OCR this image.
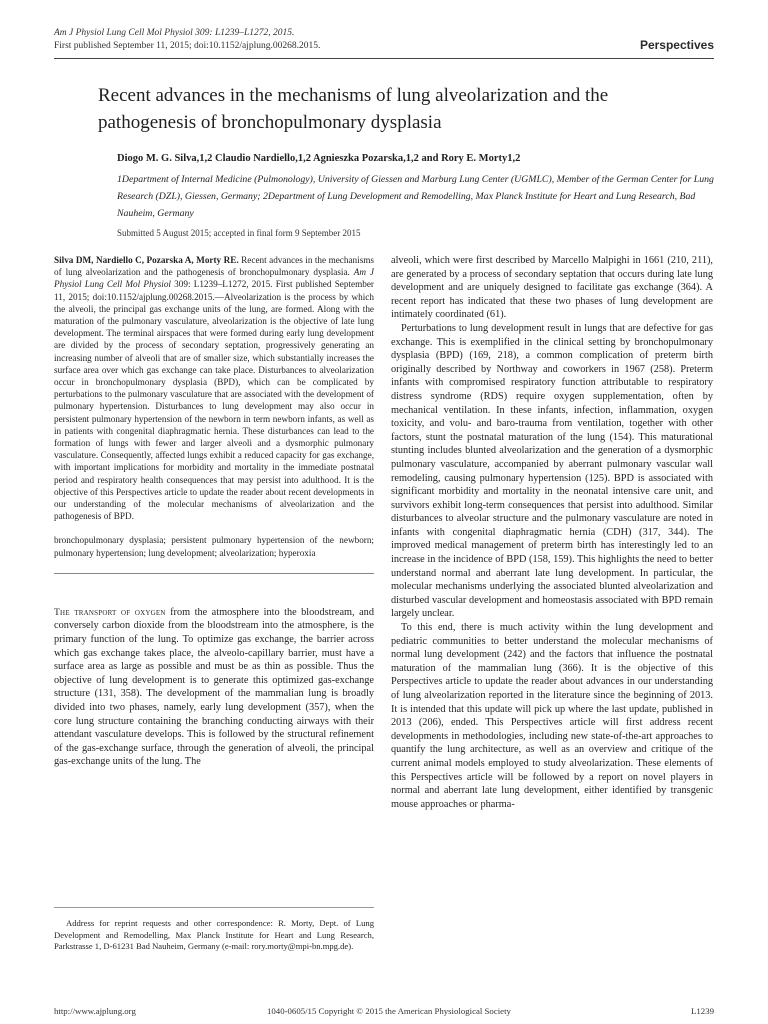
Am J Physiol Lung Cell Mol Physiol 309: L1239–L1272, 2015.
First published September 11, 2015; doi:10.1152/ajplung.00268.2015.	Perspectives
Recent advances in the mechanisms of lung alveolarization and the pathogenesis of bronchopulmonary dysplasia
Diogo M. G. Silva,1,2 Claudio Nardiello,1,2 Agnieszka Pozarska,1,2 and Rory E. Morty1,2
1Department of Internal Medicine (Pulmonology), University of Giessen and Marburg Lung Center (UGMLC), Member of the German Center for Lung Research (DZL), Giessen, Germany; 2Department of Lung Development and Remodelling, Max Planck Institute for Heart and Lung Research, Bad Nauheim, Germany
Submitted 5 August 2015; accepted in final form 9 September 2015

Silva DM, Nardiello C, Pozarska A, Morty RE. Recent advances in the mechanisms of lung alveolarization and the pathogenesis of bronchopulmonary dysplasia. Am J Physiol Lung Cell Mol Physiol 309: L1239–L1272, 2015. First published September 11, 2015; doi:10.1152/ajplung.00268.2015.—Alveolarization is the process by which the alveoli, the principal gas exchange units of the lung, are formed. Along with the maturation of the pulmonary vasculature, alveolarization is the objective of late lung development. The terminal airspaces that were formed during early lung development are divided by the process of secondary septation, progressively generating an increasing number of alveoli that are of smaller size, which substantially increases the surface area over which gas exchange can take place. Disturbances to alveolarization occur in bronchopulmonary dysplasia (BPD), which can be complicated by perturbations to the pulmonary vasculature that are associated with the development of pulmonary hypertension. Disturbances to lung development may also occur in persistent pulmonary hypertension of the newborn in term newborn infants, as well as in patients with congenital diaphragmatic hernia. These disturbances can lead to the formation of lungs with fewer and larger alveoli and a dysmorphic pulmonary vasculature. Consequently, affected lungs exhibit a reduced capacity for gas exchange, with important implications for morbidity and mortality in the immediate postnatal period and respiratory health consequences that may persist into adulthood. It is the objective of this Perspectives article to update the reader about recent developments in our understanding of the molecular mechanisms of alveolarization and the pathogenesis of BPD.

bronchopulmonary dysplasia; persistent pulmonary hypertension of the newborn; pulmonary hypertension; lung development; alveolarization; hyperoxia

The transport of oxygen from the atmosphere into the bloodstream, and conversely carbon dioxide from the bloodstream into the atmosphere, is the primary function of the lung. To optimize gas exchange, the barrier across which gas exchange takes place, the alveolo-capillary barrier, must have a surface area as large as possible and must be as thin as possible. Thus the objective of lung development is to generate this optimized gas-exchange structure (131, 358). The development of the mammalian lung is broadly divided into two phases, namely, early lung development (357), when the core lung structure containing the branching conducting airways with their attendant vasculature develops. This is followed by the structural refinement of the gas-exchange surface, through the generation of alveoli, the principal gas-exchange units of the lung. The

alveoli, which were first described by Marcello Malpighi in 1661 (210, 211), are generated by a process of secondary septation that occurs during late lung development and are uniquely designed to facilitate gas exchange (364). A recent report has indicated that these two phases of lung development are intimately coordinated (61).

Perturbations to lung development result in lungs that are defective for gas exchange. This is exemplified in the clinical setting by bronchopulmonary dysplasia (BPD) (169, 218), a common complication of preterm birth originally described by Northway and coworkers in 1967 (258). Preterm infants with compromised respiratory function attributable to respiratory distress syndrome (RDS) require oxygen supplementation, often by mechanical ventilation. In these infants, infection, inflammation, oxygen toxicity, and volu- and baro-trauma from ventilation, together with other factors, stunt the postnatal maturation of the lung (154). This maturational stunting includes blunted alveolarization and the generation of a dysmorphic pulmonary vasculature, accompanied by aberrant pulmonary vascular wall remodeling, causing pulmonary hypertension (125). BPD is associated with significant morbidity and mortality in the neonatal intensive care unit, and survivors exhibit long-term consequences that persist into adulthood. Similar disturbances to alveolar structure and the pulmonary vasculature are noted in infants with congenital diaphragmatic hernia (CDH) (317, 344). The improved medical management of preterm birth has interestingly led to an increase in the incidence of BPD (158, 159). This highlights the need to better understand normal and aberrant late lung development. In particular, the molecular mechanisms underlying the associated blunted alveolarization and disturbed vascular development and homeostasis associated with BPD remain largely unclear.

To this end, there is much activity within the lung development and pediatric communities to better understand the molecular mechanisms of normal lung development (242) and the factors that influence the postnatal maturation of the mammalian lung (366). It is the objective of this Perspectives article to update the reader about advances in our understanding of lung alveolarization reported in the literature since the beginning of 2013. It is intended that this update will pick up where the last update, published in 2013 (206), ended. This Perspectives article will first address recent developments in methodologies, including new state-of-the-art approaches to quantify the lung architecture, as well as an overview and critique of the current animal models employed to study alveolarization. These elements of this Perspectives article will be followed by a report on novel players in normal and aberrant late lung development, either identified by transgenic mouse approaches or pharma-

Address for reprint requests and other correspondence: R. Morty, Dept. of Lung Development and Remodelling, Max Planck Institute for Heart and Lung Research, Parkstrasse 1, D-61231 Bad Nauheim, Germany (e-mail: rory.morty@mpi-bn.mpg.de).
http://www.ajplung.org	1040-0605/15 Copyright © 2015 the American Physiological Society	L1239
